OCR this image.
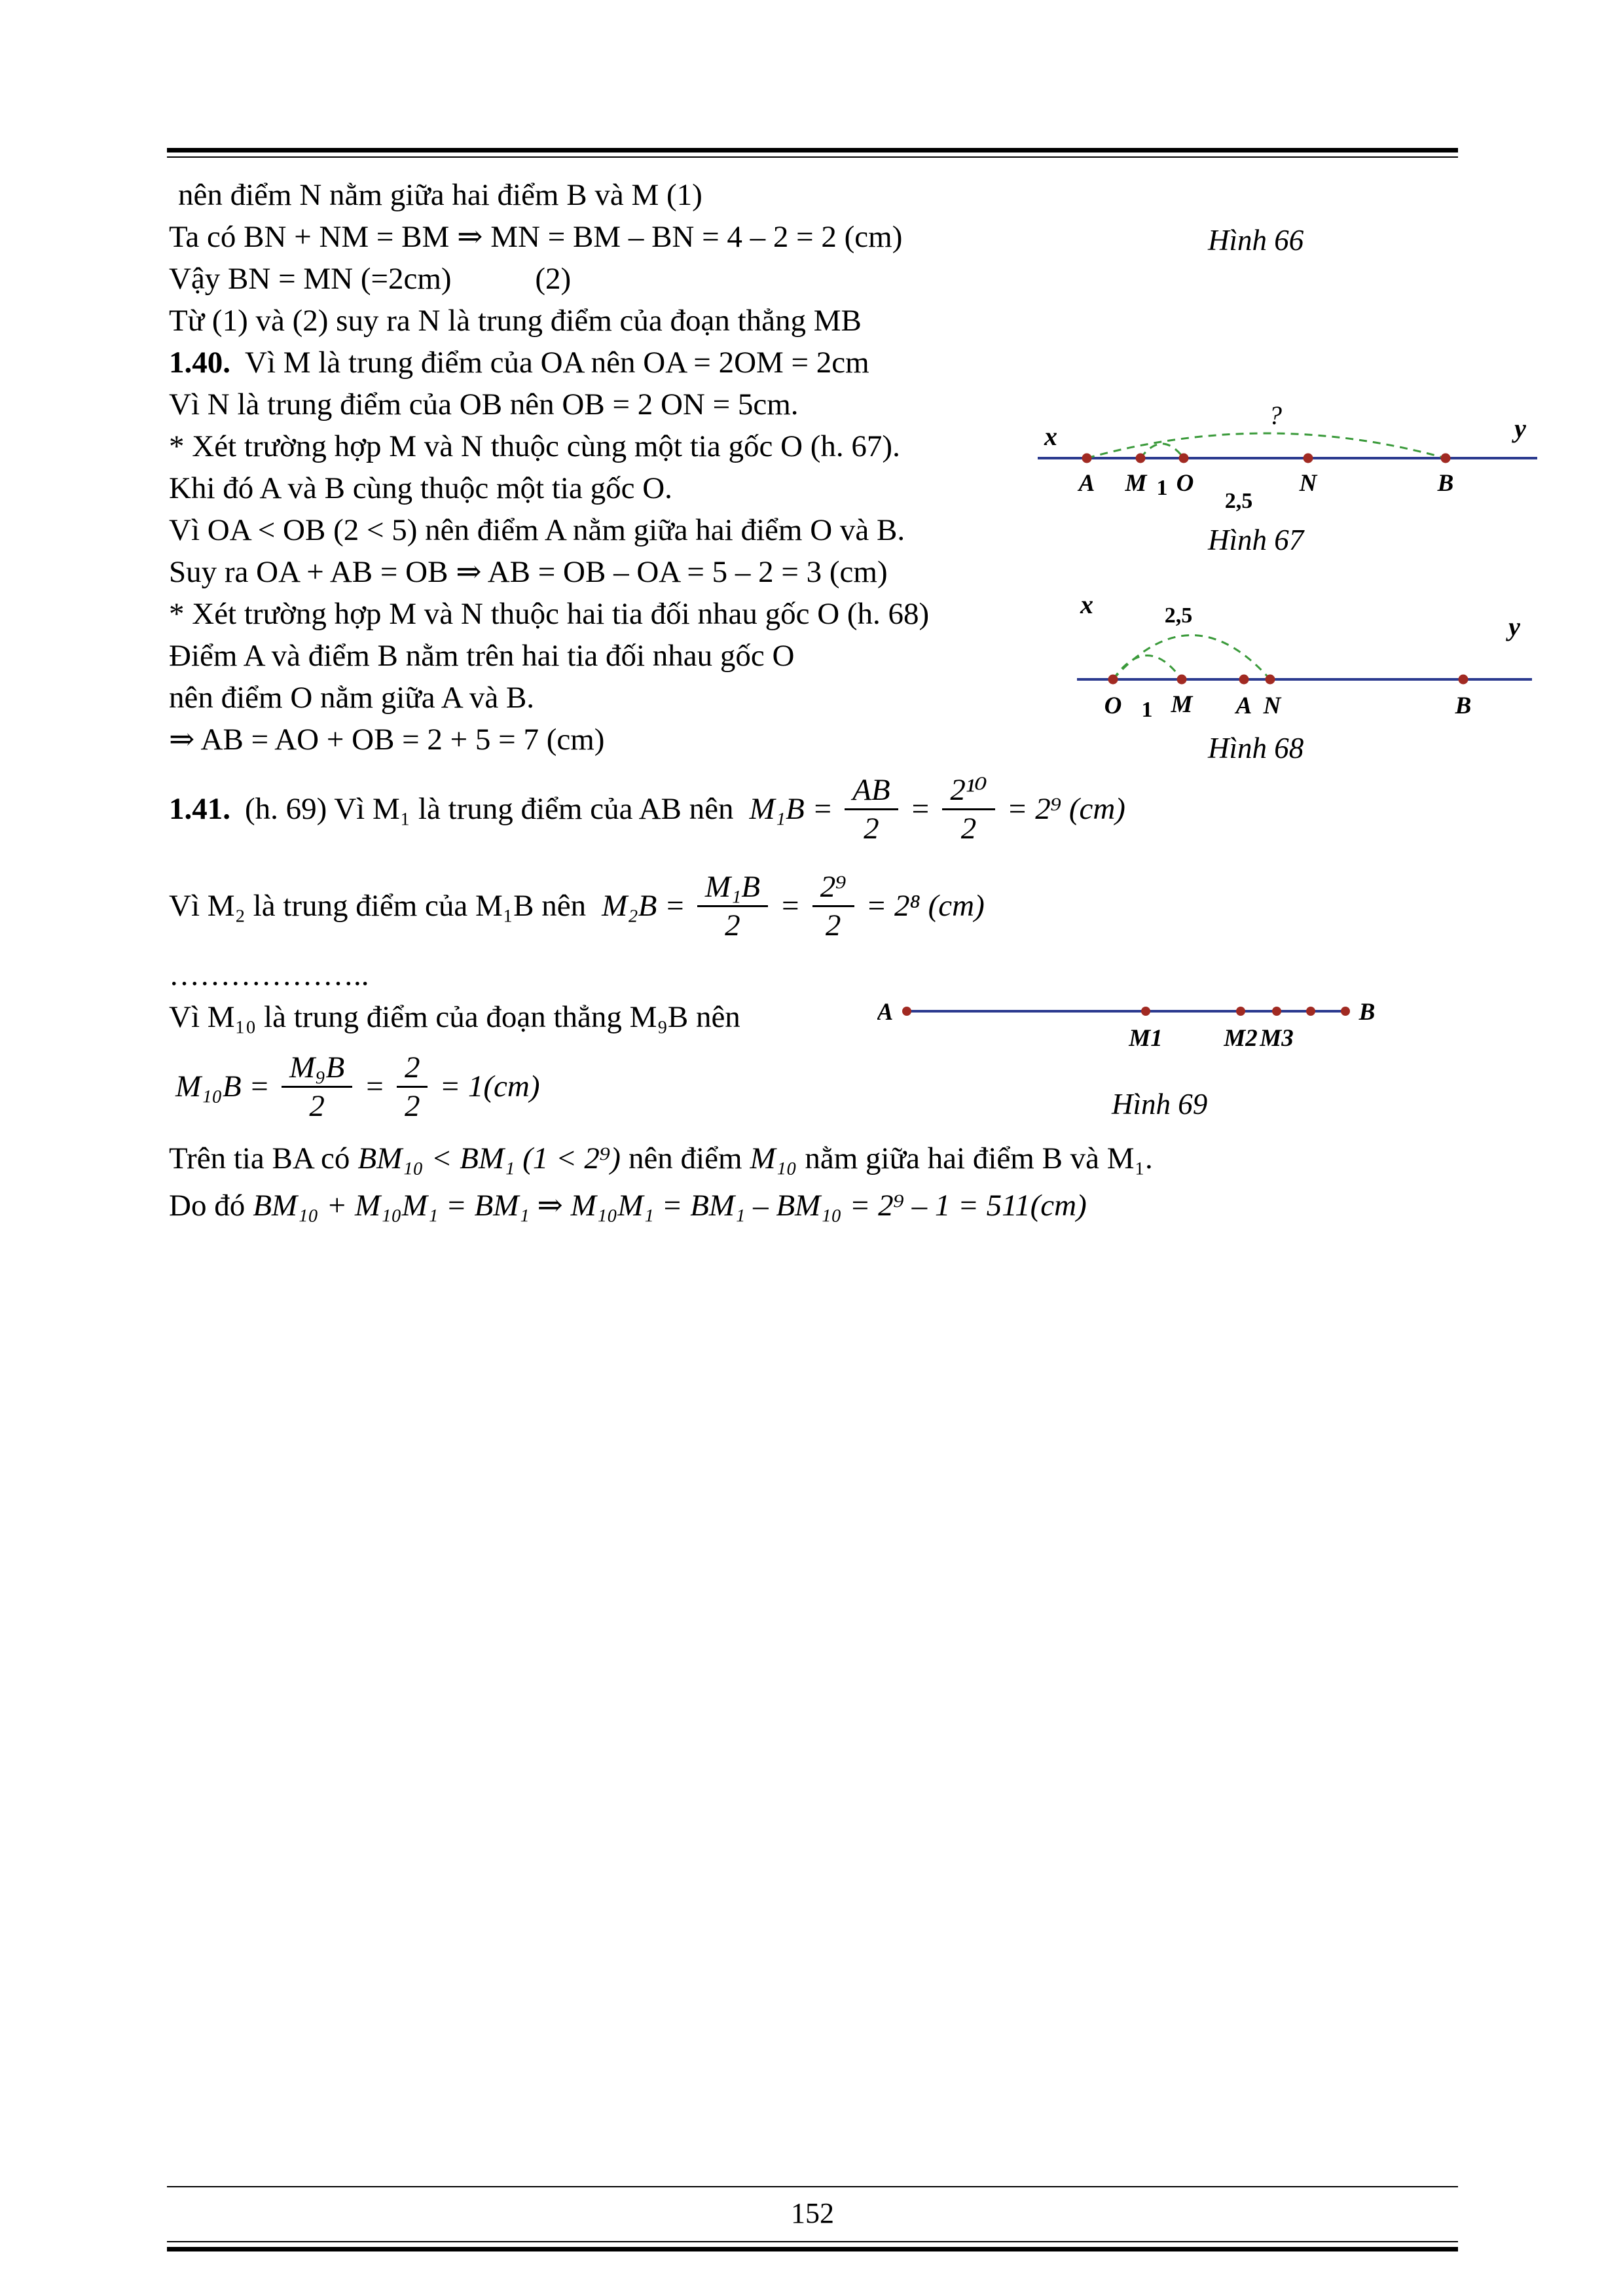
nên điểm N nằm giữa hai điểm B và M (1)
Ta có BN + NM = BM ⇒ MN = BM – BN = 4 – 2 = 2 (cm)
Vậy BN = MN (=2cm)	(2)
Từ (1) và (2) suy ra N là trung điểm của đoạn thẳng MB
1.40. Vì M là trung điểm của OA nên OA = 2OM = 2cm
Vì N là trung điểm của OB nên OB = 2 ON = 5cm.
* Xét trường hợp M và N thuộc cùng một tia gốc O (h. 67).
Khi đó A và B cùng thuộc một tia gốc O.
Vì OA < OB (2 < 5) nên điểm A nằm giữa hai điểm O và B.
Suy ra OA + AB = OB ⇒ AB = OB – OA = 5 – 2 = 3 (cm)
* Xét trường hợp M và N thuộc hai tia đối nhau gốc O (h. 68)
Điểm A và điểm B nằm trên hai tia đối nhau gốc O
nên điểm O nằm giữa A và B.
⇒ AB = AO + OB = 2 + 5 = 7 (cm)
1.41. (h. 69) Vì M₁ là trung điểm của AB nên $M_1B = \frac{AB}{2} = \frac{\text{2¹⁰}}{2} = 2^9$ (cm)
Vì M₂ là trung điểm của M₁B nên $M_2B = \frac{\text{M₁B}}{2} = \frac{\text{2⁹}}{2} = 2^8$ (cm)
………………..
Vì M₁₀ là trung điểm của đoạn thẳng M₉B nên
$M_{10}B = \frac{\text{M₉B}}{2} = \frac{2}{2} = 1(cm)$
Trên tia BA có BM₁₀ < BM₁ (1 < 2⁹) nên điểm M₁₀ nằm giữa hai điểm B và M₁.
Do đó BM₁₀ + M₁₀M₁ = BM₁ ⇒ M₁₀M₁ = BM₁ – BM₁₀ = 2⁹ – 1 = 511(cm)
Hình 66
Hình 67
Hình 68
Hình 69
x	y
?
A M 1 O
2,5
N	B
x
y
2,5
O 1 M A N	B
A	B
M1	M2 M3
152
